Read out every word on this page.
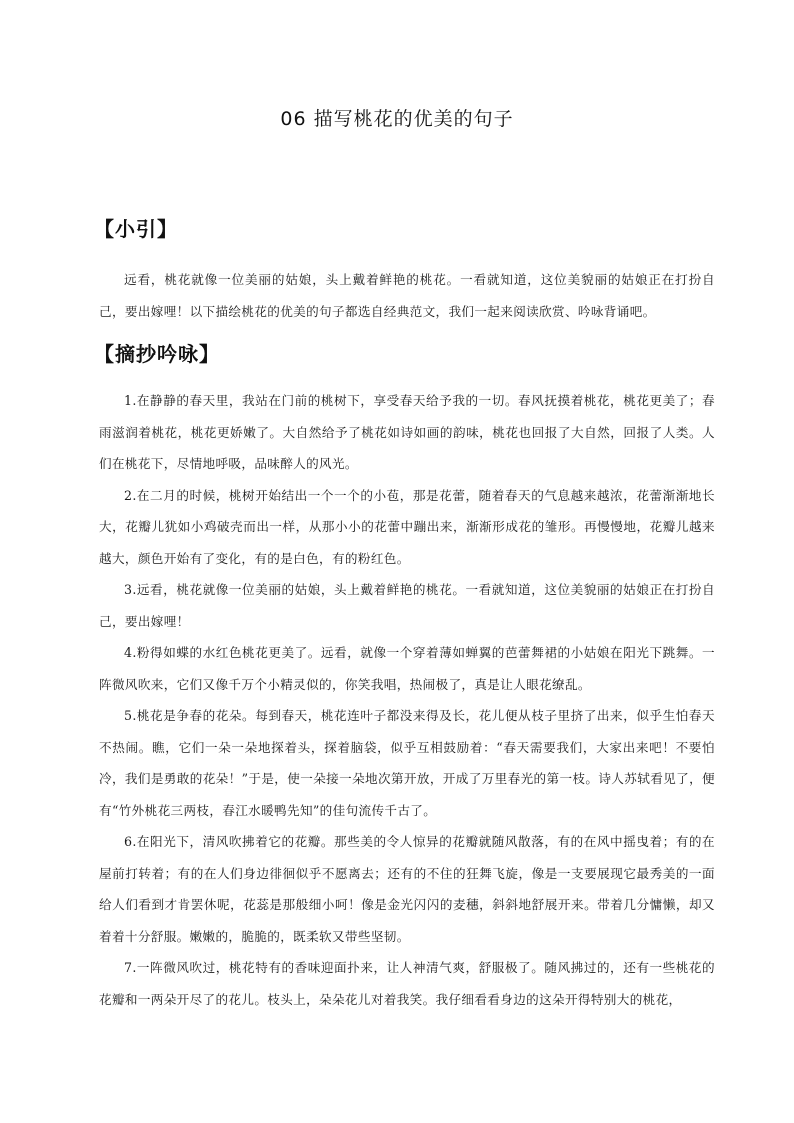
06 描写桃花的优美的句子
【小引】

远看，桃花就像一位美丽的姑娘，头上戴着鲜艳的桃花。一看就知道，这位美貌丽的姑娘正在打扮自己，要出嫁哩！以下描绘桃花的优美的句子都选自经典范文，我们一起来阅读欣赏、吟咏背诵吧。

【摘抄吟咏】

1.在静静的春天里，我站在门前的桃树下，享受春天给予我的一切。春风抚摸着桃花，桃花更美了；春雨滋润着桃花，桃花更娇嫩了。大自然给予了桃花如诗如画的韵味，桃花也回报了大自然，回报了人类。人们在桃花下，尽情地呼吸，品味醉人的风光。

2.在二月的时候，桃树开始结出一个一个的小苞，那是花蕾，随着春天的气息越来越浓，花蕾渐渐地长大，花瓣儿犹如小鸡破壳而出一样，从那小小的花蕾中蹦出来，渐渐形成花的雏形。再慢慢地，花瓣儿越来越大，颜色开始有了变化，有的是白色，有的粉红色。

3.远看，桃花就像一位美丽的姑娘，头上戴着鲜艳的桃花。一看就知道，这位美貌丽的姑娘正在打扮自己，要出嫁哩！

4.粉得如蝶的水红色桃花更美了。远看，就像一个穿着薄如蝉翼的芭蕾舞裙的小姑娘在阳光下跳舞。一阵微风吹来，它们又像千万个小精灵似的，你笑我唱，热闹极了，真是让人眼花缭乱。

5.桃花是争春的花朵。每到春天，桃花连叶子都没来得及长，花儿便从枝子里挤了出来，似乎生怕春天不热闹。瞧，它们一朵一朵地探着头，探着脑袋，似乎互相鼓励着：“春天需要我们，大家出来吧！不要怕冷，我们是勇敢的花朵！”于是，使一朵接一朵地次第开放，开成了万里春光的第一枝。诗人苏轼看见了，便有“竹外桃花三两枝，春江水暖鸭先知”的佳句流传千古了。

6.在阳光下，清风吹拂着它的花瓣。那些美的令人惊异的花瓣就随风散落，有的在风中摇曳着；有的在屋前打转着；有的在人们身边徘徊似乎不愿离去；还有的不住的狂舞飞旋，像是一支要展现它最秀美的一面给人们看到才肯罢休呢，花蕊是那般细小呵！像是金光闪闪的麦穗，斜斜地舒展开来。带着几分慵懒，却又着着十分舒服。嫩嫩的，脆脆的，既柔软又带些坚韧。

7.一阵微风吹过，桃花特有的香味迎面扑来，让人神清气爽，舒服极了。随风拂过的，还有一些桃花的花瓣和一两朵开尽了的花儿。枝头上，朵朵花儿对着我笑。我仔细看看身边的这朵开得特别大的桃花，
